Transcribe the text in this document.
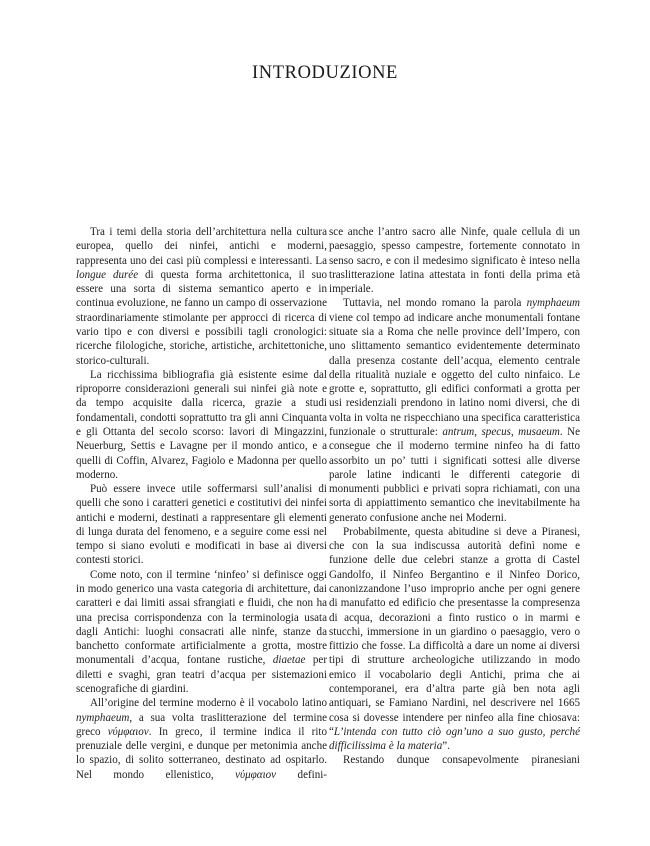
INTRODUZIONE

Tra i temi della storia dell’architettura nella cultura europea, quello dei ninfei, antichi e moderni, rappresenta uno dei casi più complessi e interessanti. La longue durée di questa forma architettonica, il suo essere una sorta di sistema semantico aperto e in continua evoluzione, ne fanno un campo di osservazione straordinariamente stimolante per approcci di ricerca di vario tipo e con diversi e possibili tagli cronologici: ricerche filologiche, storiche, artistiche, architettoniche, storico-culturali.

La ricchissima bibliografia già esistente esime dal riproporre considerazioni generali sui ninfei già note e da tempo acquisite dalla ricerca, grazie a studi fondamentali, condotti soprattutto tra gli anni Cinquanta e gli Ottanta del secolo scorso: lavori di Mingazzini, Neuerburg, Settis e Lavagne per il mondo antico, e a quelli di Coffin, Alvarez, Fagiolo e Madonna per quello moderno.

Può essere invece utile soffermarsi sull’analisi di quelli che sono i caratteri genetici e costitutivi dei ninfei antichi e moderni, destinati a rappresentare gli elementi di lunga durata del fenomeno, e a seguire come essi nel tempo si siano evoluti e modificati in base ai diversi contesti storici.

Come noto, con il termine ‘ninfeo’ si definisce oggi in modo generico una vasta categoria di architetture, dai caratteri e dai limiti assai sfrangiati e fluidi, che non ha una precisa corrispondenza con la terminologia usata dagli Antichi: luoghi consacrati alle ninfe, stanze da banchetto conformate artificialmente a grotta, mostre monumentali d’acqua, fontane rustiche, diaetae per diletti e svaghi, gran teatri d’acqua per sistemazioni scenografiche di giardini.

All’origine del termine moderno è il vocabolo latino nymphaeum, a sua volta traslitterazione del termine greco νύμφαιον. In greco, il termine indica il rito prenuziale delle vergini, e dunque per metonimia anche lo spazio, di solito sotterraneo, destinato ad ospitarlo. Nel mondo ellenistico, νύμφαιον defini-

sce anche l’antro sacro alle Ninfe, quale cellula di un paesaggio, spesso campestre, fortemente connotato in senso sacro, e con il medesimo significato è inteso nella traslitterazione latina attestata in fonti della prima età imperiale.

Tuttavia, nel mondo romano la parola nymphaeum viene col tempo ad indicare anche monumentali fontane situate sia a Roma che nelle province dell’Impero, con uno slittamento semantico evidentemente determinato dalla presenza costante dell’acqua, elemento centrale della ritualità nuziale e oggetto del culto ninfaico. Le grotte e, soprattutto, gli edifici conformati a grotta per usi residenziali prendono in latino nomi diversi, che di volta in volta ne rispecchiano una specifica caratteristica funzionale o strutturale: antrum, specus, musaeum. Ne consegue che il moderno termine ninfeo ha di fatto assorbito un po’ tutti i significati sottesi alle diverse parole latine indicanti le differenti categorie di monumenti pubblici e privati sopra richiamati, con una sorta di appiattimento semantico che inevitabilmente ha generato confusione anche nei Moderni.

Probabilmente, questa abitudine si deve a Piranesi, che con la sua indiscussa autorità definì nome e funzione delle due celebri stanze a grotta di Castel Gandolfo, il Ninfeo Bergantino e il Ninfeo Dorico, canonizzandone l’uso improprio anche per ogni genere di manufatto ed edificio che presentasse la compresenza di acqua, decorazioni a finto rustico o in marmi e stucchi, immersione in un giardino o paesaggio, vero o fittizio che fosse. La difficoltà a dare un nome ai diversi tipi di strutture archeologiche utilizzando in modo emico il vocabolario degli Antichi, prima che ai contemporanei, era d’altra parte già ben nota agli antiquari, se Famiano Nardini, nel descrivere nel 1665 cosa si dovesse intendere per ninfeo alla fine chiosava: “L’intenda con tutto ciò ogn’uno a suo gusto, perché difficilissima è la materia”.

Restando dunque consapevolmente piranesiani
